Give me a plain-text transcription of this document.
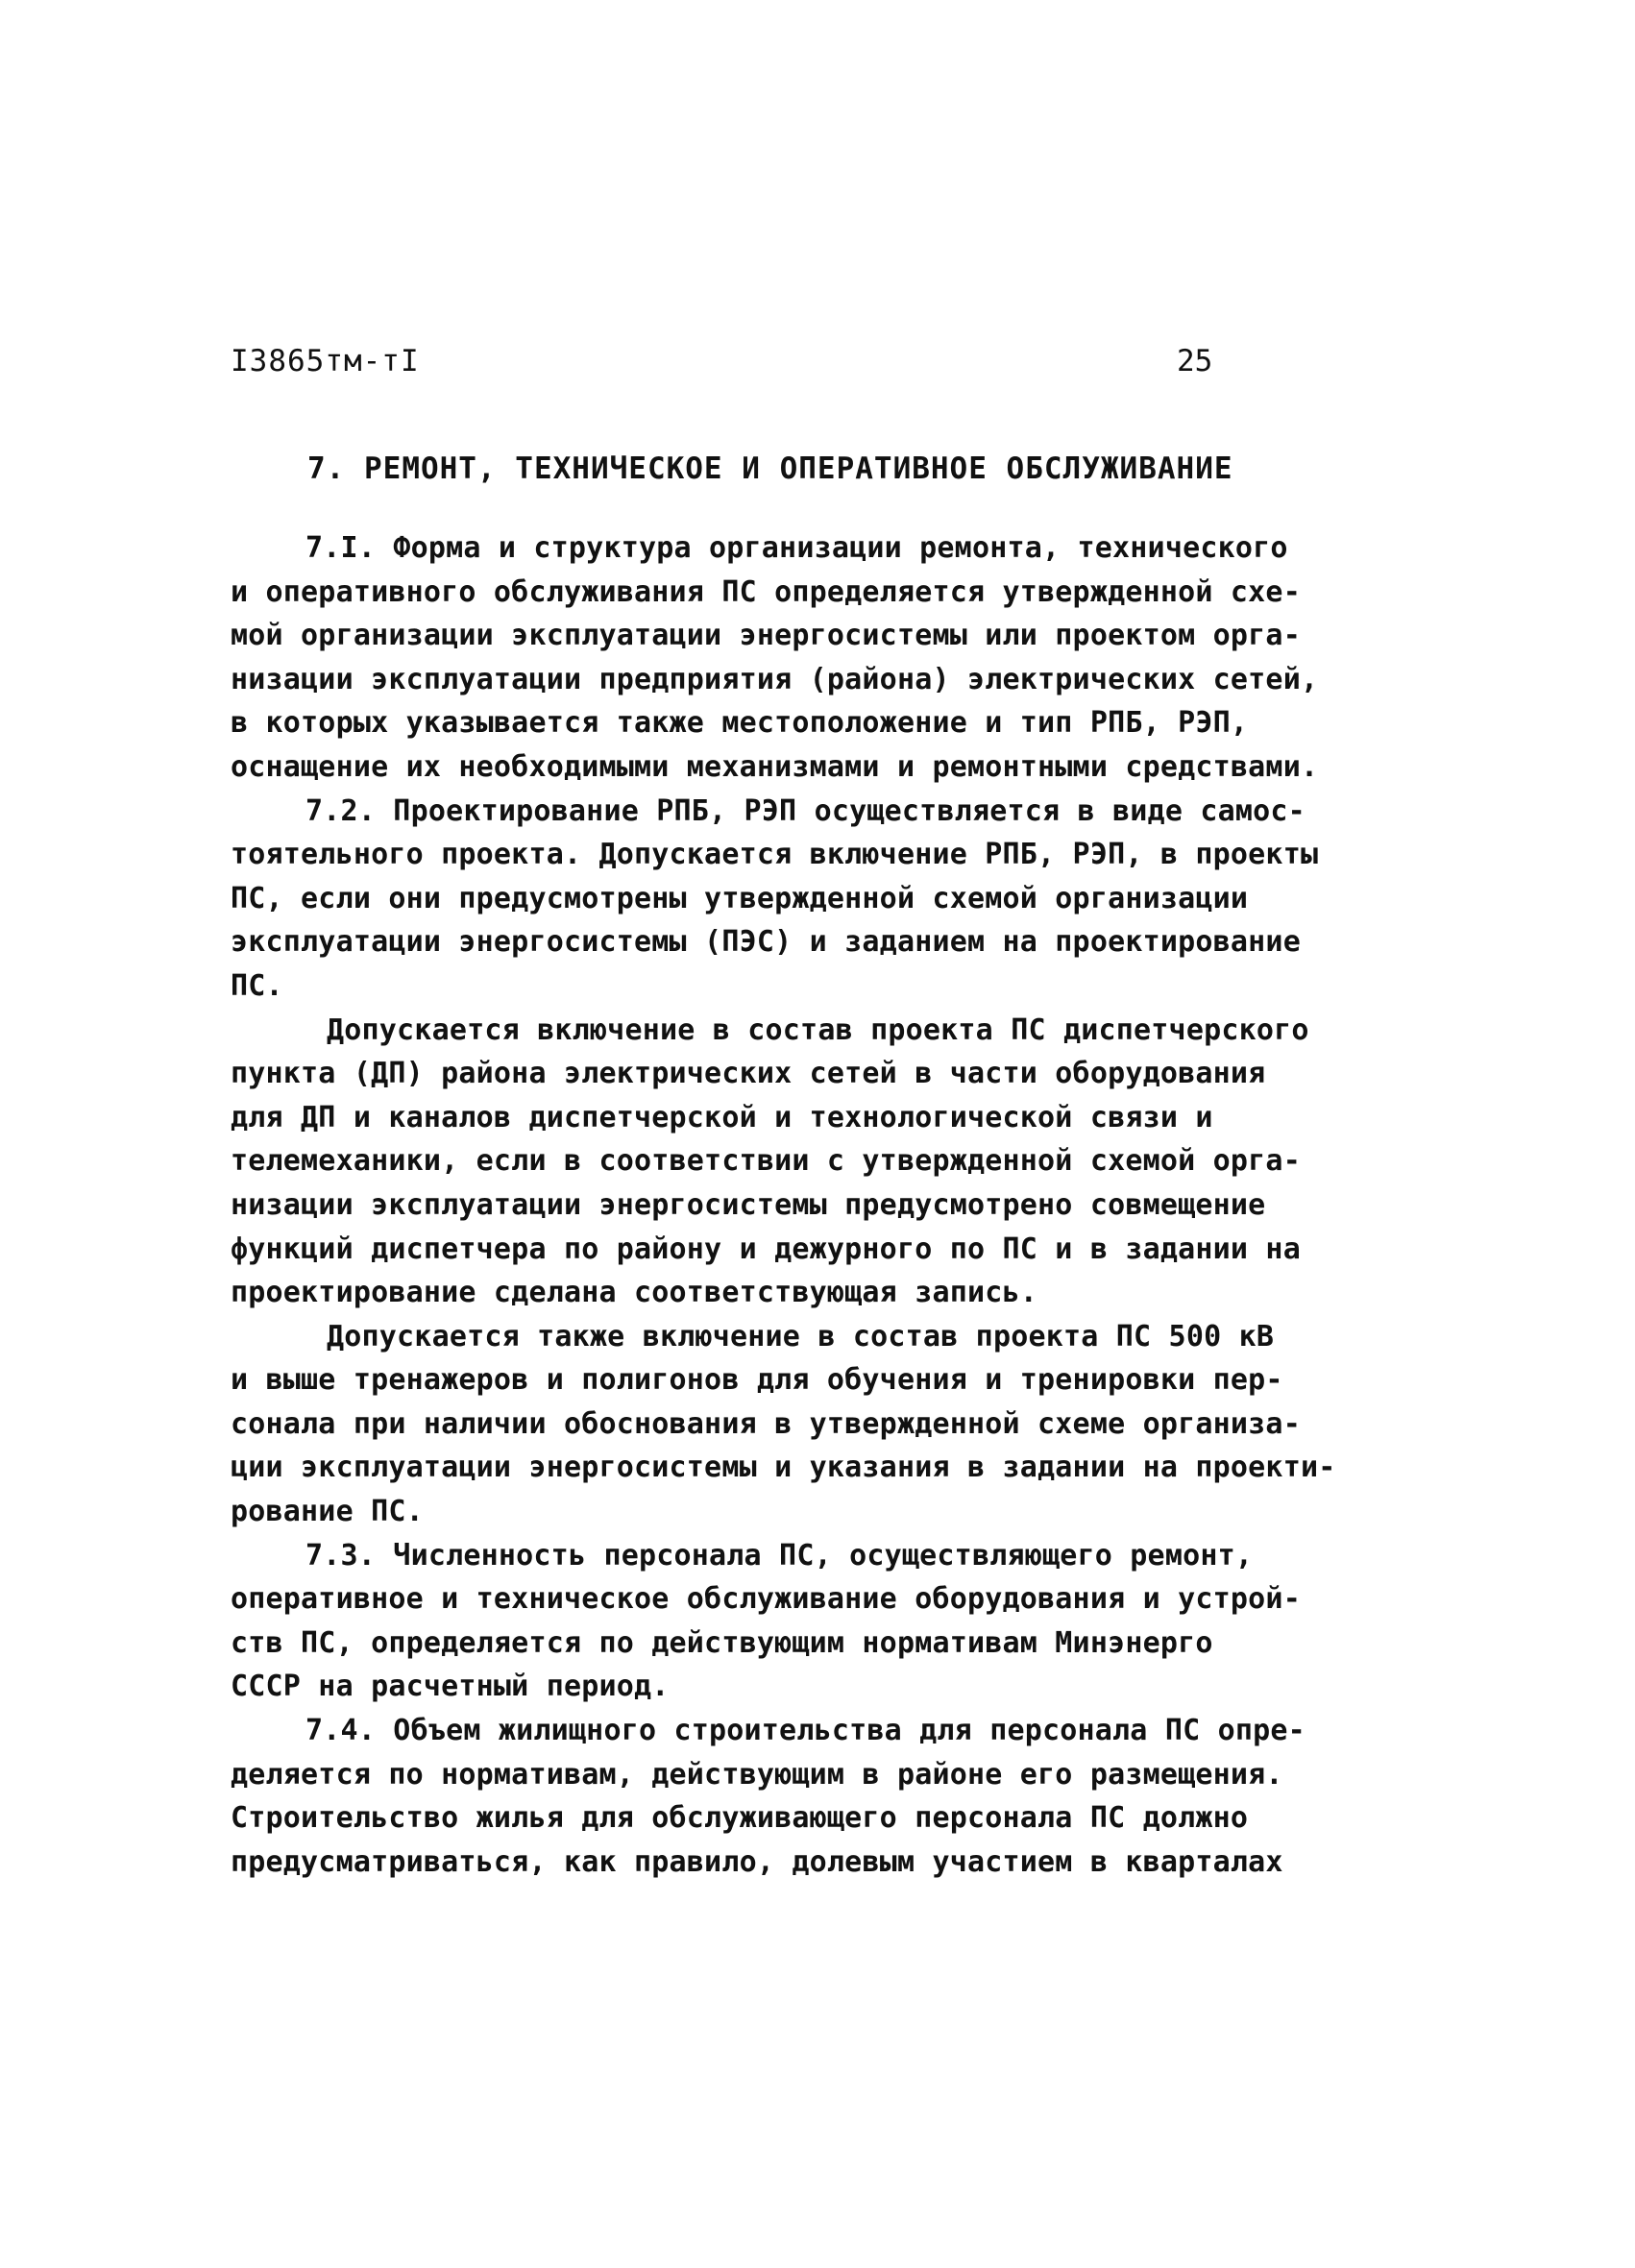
I3865тм-тI	25
7. РЕМОНТ, ТЕХНИЧЕСКОЕ И ОПЕРАТИВНОЕ ОБСЛУЖИВАНИЕ
7.I. Форма и структура организации ремонта, технического
и оперативного обслуживания ПС определяется утвержденной схе-
мой организации эксплуатации энергосистемы или проектом орга-
низации эксплуатации предприятия (района) электрических сетей,
в которых указывается также местоположение и тип РПБ, РЭП,
оснащение их необходимыми механизмами и ремонтными средствами.
7.2. Проектирование РПБ, РЭП осуществляется в виде самос-
тоятельного проекта. Допускается включение РПБ, РЭП, в проекты
ПС, если они предусмотрены утвержденной схемой организации
эксплуатации энергосистемы (ПЭС) и заданием на проектирование
ПС.
Допускается включение в состав проекта ПС диспетчерского
пункта (ДП) района электрических сетей в части оборудования
для ДП и каналов диспетчерской и технологической связи и
телемеханики, если в соответствии с утвержденной схемой орга-
низации эксплуатации энергосистемы предусмотрено совмещение
функций диспетчера по району и дежурного по ПС и в задании на
проектирование сделана соответствующая запись.
Допускается также включение в состав проекта ПС 500 кВ
и выше тренажеров и полигонов для обучения и тренировки пер-
сонала при наличии обоснования в утвержденной схеме организа-
ции эксплуатации энергосистемы и указания в задании на проекти-
рование ПС.
7.3. Численность персонала ПС, осуществляющего ремонт,
оперативное и техническое обслуживание оборудования и устрой-
ств ПС, определяется по действующим нормативам Минэнерго
СССР на расчетный период.
7.4. Объем жилищного строительства для персонала ПС опре-
деляется по нормативам, действующим в районе его размещения.
Строительство жилья для обслуживающего персонала ПС должно
предусматриваться, как правило, долевым участием в кварталах
